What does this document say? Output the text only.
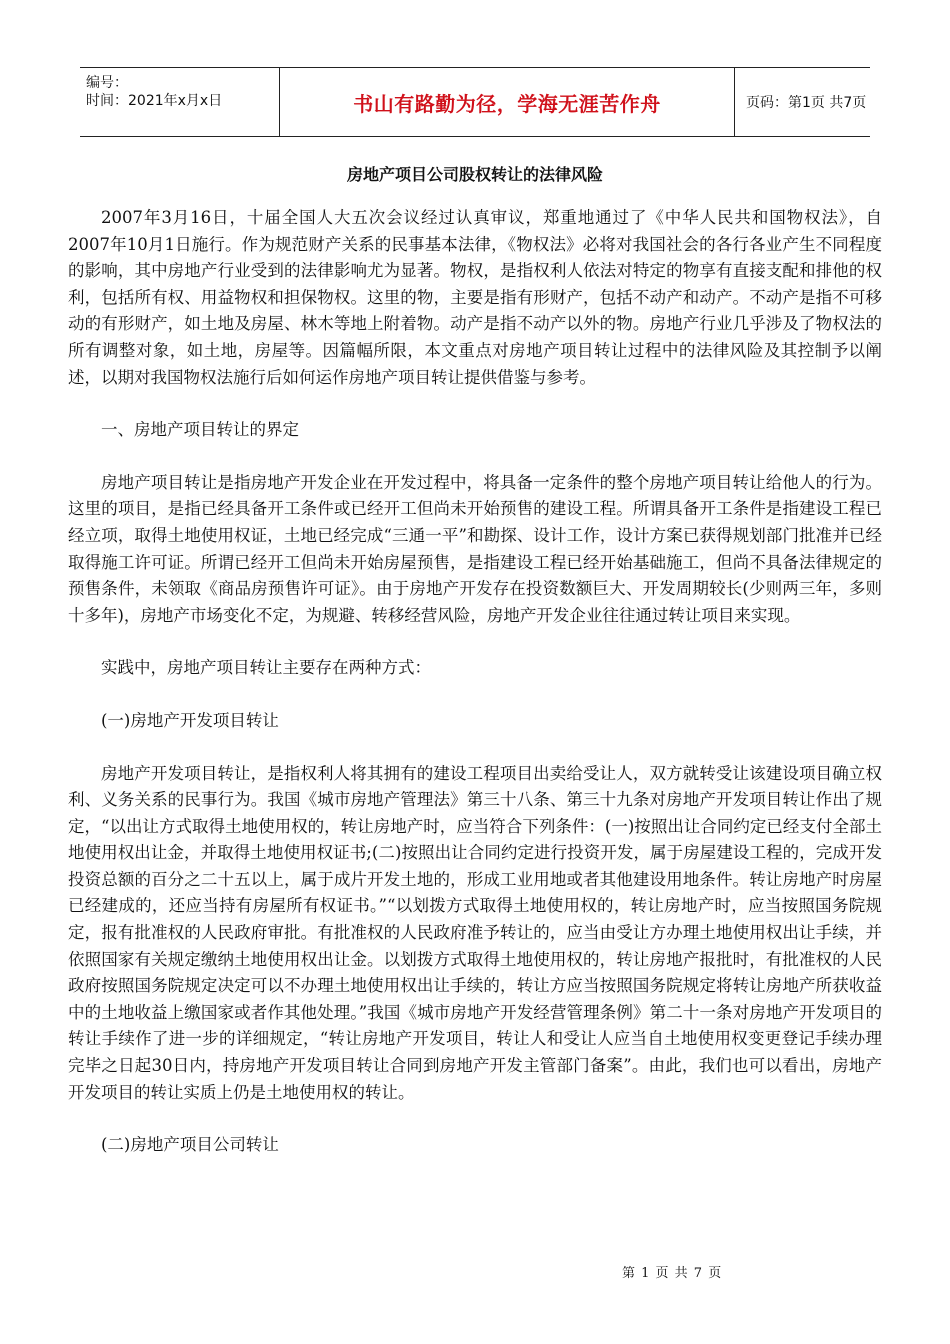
编号：
时间：2021年x月x日	书山有路勤为径，学海无涯苦作舟	页码：第1页 共7页
房地产项目公司股权转让的法律风险

2007年3月16日，十届全国人大五次会议经过认真审议，郑重地通过了《中华人民共和国物权法》，自2007年10月1日施行。作为规范财产关系的民事基本法律，《物权法》必将对我国社会的各行各业产生不同程度的影响，其中房地产行业受到的法律影响尤为显著。物权，是指权利人依法对特定的物享有直接支配和排他的权利，包括所有权、用益物权和担保物权。这里的物，主要是指有形财产，包括不动产和动产。不动产是指不可移动的有形财产，如土地及房屋、林木等地上附着物。动产是指不动产以外的物。房地产行业几乎涉及了物权法的所有调整对象，如土地，房屋等。因篇幅所限，本文重点对房地产项目转让过程中的法律风险及其控制予以阐述，以期对我国物权法施行后如何运作房地产项目转让提供借鉴与参考。

一、房地产项目转让的界定

房地产项目转让是指房地产开发企业在开发过程中，将具备一定条件的整个房地产项目转让给他人的行为。这里的项目，是指已经具备开工条件或已经开工但尚未开始预售的建设工程。所谓具备开工条件是指建设工程已经立项，取得土地使用权证，土地已经完成“三通一平”和勘探、设计工作，设计方案已获得规划部门批准并已经取得施工许可证。所谓已经开工但尚未开始房屋预售，是指建设工程已经开始基础施工，但尚不具备法律规定的预售条件，未领取《商品房预售许可证》。由于房地产开发存在投资数额巨大、开发周期较长(少则两三年，多则十多年)，房地产市场变化不定，为规避、转移经营风险，房地产开发企业往往通过转让项目来实现。

实践中，房地产项目转让主要存在两种方式：

(一)房地产开发项目转让

房地产开发项目转让，是指权利人将其拥有的建设工程项目出卖给受让人，双方就转受让该建设项目确立权利、义务关系的民事行为。我国《城市房地产管理法》第三十八条、第三十九条对房地产开发项目转让作出了规定，“以出让方式取得土地使用权的，转让房地产时，应当符合下列条件：(一)按照出让合同约定已经支付全部土地使用权出让金，并取得土地使用权证书;(二)按照出让合同约定进行投资开发，属于房屋建设工程的，完成开发投资总额的百分之二十五以上，属于成片开发土地的，形成工业用地或者其他建设用地条件。转让房地产时房屋已经建成的，还应当持有房屋所有权证书。”“以划拨方式取得土地使用权的，转让房地产时，应当按照国务院规定，报有批准权的人民政府审批。有批准权的人民政府准予转让的，应当由受让方办理土地使用权出让手续，并依照国家有关规定缴纳土地使用权出让金。以划拨方式取得土地使用权的，转让房地产报批时，有批准权的人民政府按照国务院规定决定可以不办理土地使用权出让手续的，转让方应当按照国务院规定将转让房地产所获收益中的土地收益上缴国家或者作其他处理。”我国《城市房地产开发经营管理条例》第二十一条对房地产开发项目的转让手续作了进一步的详细规定，“转让房地产开发项目，转让人和受让人应当自土地使用权变更登记手续办理完毕之日起30日内，持房地产开发项目转让合同到房地产开发主管部门备案”。由此，我们也可以看出，房地产开发项目的转让实质上仍是土地使用权的转让。

(二)房地产项目公司转让

第 1 页 共 7 页
